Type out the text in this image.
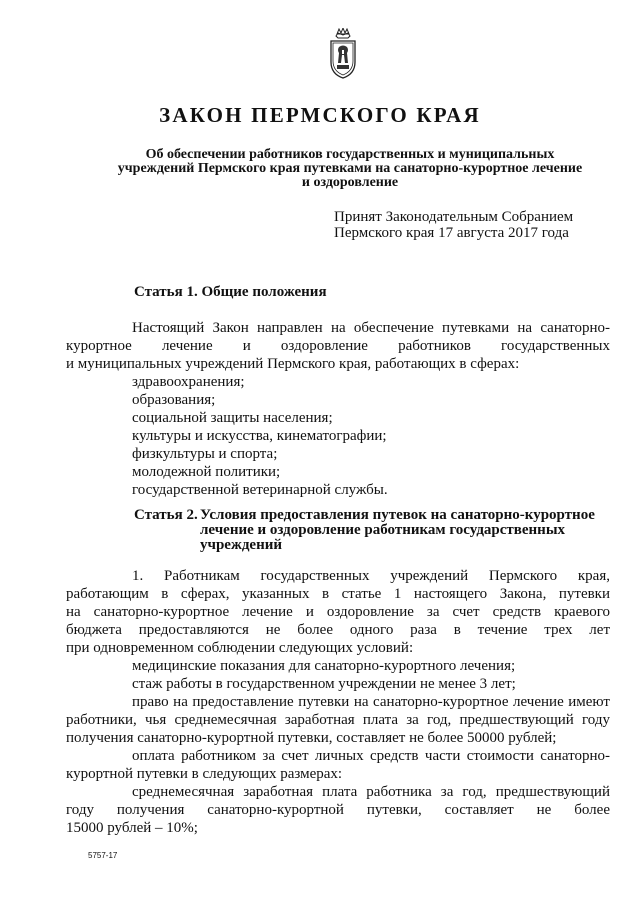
ЗАКОН ПЕРМСКОГО КРАЯ
Об обеспечении работников государственных и муниципальных
учреждений Пермского края путевками на санаторно-курортное лечение
и оздоровление
Принят Законодательным Собранием
Пермского края 17 августа 2017 года
Статья 1. Общие положения
Настоящий Закон направлен на обеспечение путевками на санаторно-
курортное лечение и оздоровление работников государственных
и муниципальных учреждений Пермского края, работающих в сферах:
здравоохранения;
образования;
социальной защиты населения;
культуры и искусства, кинематографии;
физкультуры и спорта;
молодежной политики;
государственной ветеринарной службы.
Статья 2. Условия предоставления путевок на санаторно-курортное
лечение и оздоровление работникам государственных
учреждений
1. Работникам государственных учреждений Пермского края,
работающим в сферах, указанных в статье 1 настоящего Закона, путевки
на санаторно-курортное лечение и оздоровление за счет средств краевого
бюджета предоставляются не более одного раза в течение трех лет
при одновременном соблюдении следующих условий:
медицинские показания для санаторно-курортного лечения;
стаж работы в государственном учреждении не менее 3 лет;
право на предоставление путевки на санаторно-курортное лечение имеют
работники, чья среднемесячная заработная плата за год, предшествующий году
получения санаторно-курортной путевки, составляет не более 50000 рублей;
оплата работником за счет личных средств части стоимости санаторно-
курортной путевки в следующих размерах:
среднемесячная заработная плата работника за год, предшествующий
году получения санаторно-курортной путевки, составляет не более
15000 рублей – 10%;
5757-17
